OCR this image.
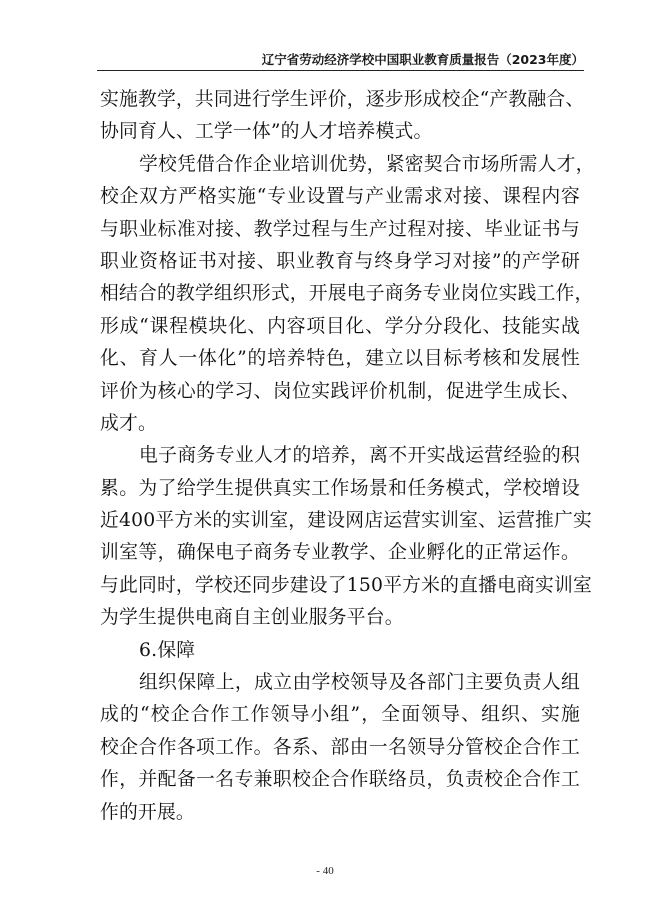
辽宁省劳动经济学校中国职业教育质量报告（2023年度）
实施教学，共同进行学生评价，逐步形成校企“产教融合、
协同育人、工学一体”的人才培养模式。
学校凭借合作企业培训优势，紧密契合市场所需人才，
校企双方严格实施“专业设置与产业需求对接、课程内容
与职业标准对接、教学过程与生产过程对接、毕业证书与
职业资格证书对接、职业教育与终身学习对接”的产学研
相结合的教学组织形式，开展电子商务专业岗位实践工作，
形成“课程模块化、内容项目化、学分分段化、技能实战
化、育人一体化”的培养特色，建立以目标考核和发展性
评价为核心的学习、岗位实践评价机制，促进学生成长、
成才。
电子商务专业人才的培养，离不开实战运营经验的积
累。为了给学生提供真实工作场景和任务模式，学校增设
近400平方米的实训室，建设网店运营实训室、运营推广实
训室等，确保电子商务专业教学、企业孵化的正常运作。
与此同时，学校还同步建设了150平方米的直播电商实训室
为学生提供电商自主创业服务平台。
6.保障
组织保障上，成立由学校领导及各部门主要负责人组
成的“校企合作工作领导小组”，全面领导、组织、实施
校企合作各项工作。各系、部由一名领导分管校企合作工
作，并配备一名专兼职校企合作联络员，负责校企合作工
作的开展。
- 40
